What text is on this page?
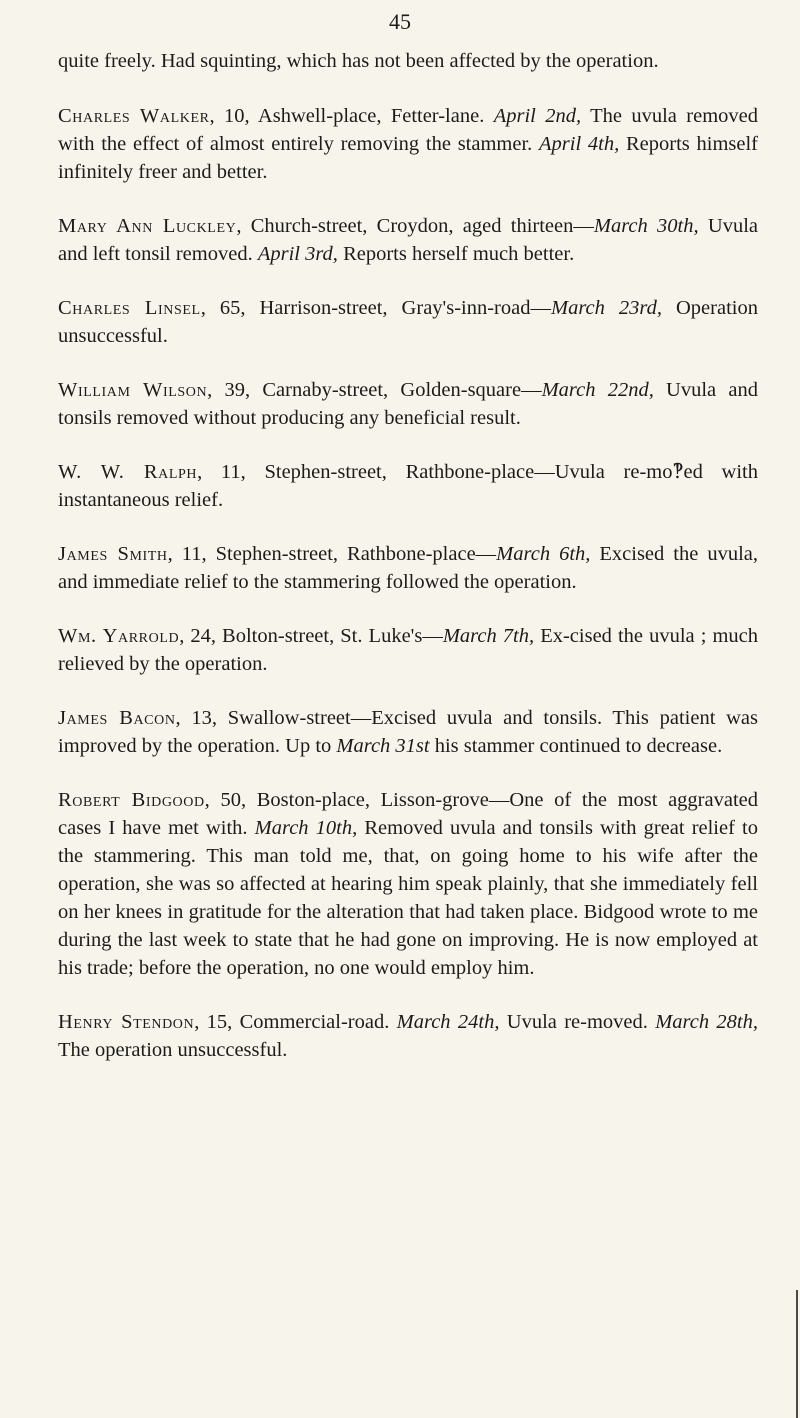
45

quite freely. Had squinting, which has not been affected by the operation.

Charles Walker, 10, Ashwell-place, Fetter-lane. April 2nd, The uvula removed with the effect of almost entirely removing the stammer. April 4th, Reports himself infinitely freer and better.

Mary Ann Luckley, Church-street, Croydon, aged thirteen—March 30th, Uvula and left tonsil removed. April 3rd, Reports herself much better.

Charles Linsel, 65, Harrison-street, Gray's-inn-road—March 23rd, Operation unsuccessful.

William Wilson, 39, Carnaby-street, Golden-square—March 22nd, Uvula and tonsils removed without producing any beneficial result.

W. W. Ralph, 11, Stephen-street, Rathbone-place—Uvula re-mo‽ed with instantaneous relief.

James Smith, 11, Stephen-street, Rathbone-place—March 6th, Excised the uvula, and immediate relief to the stammering followed the operation.

Wm. Yarrold, 24, Bolton-street, St. Luke's—March 7th, Ex-cised the uvula ; much relieved by the operation.

James Bacon, 13, Swallow-street—Excised uvula and tonsils. This patient was improved by the operation. Up to March 31st his stammer continued to decrease.

Robert Bidgood, 50, Boston-place, Lisson-grove—One of the most aggravated cases I have met with. March 10th, Removed uvula and tonsils with great relief to the stammering. This man told me, that, on going home to his wife after the operation, she was so affected at hearing him speak plainly, that she immediately fell on her knees in gratitude for the alteration that had taken place. Bidgood wrote to me during the last week to state that he had gone on improving. He is now employed at his trade; before the operation, no one would employ him.

Henry Stendon, 15, Commercial-road. March 24th, Uvula re-moved. March 28th, The operation unsuccessful.
